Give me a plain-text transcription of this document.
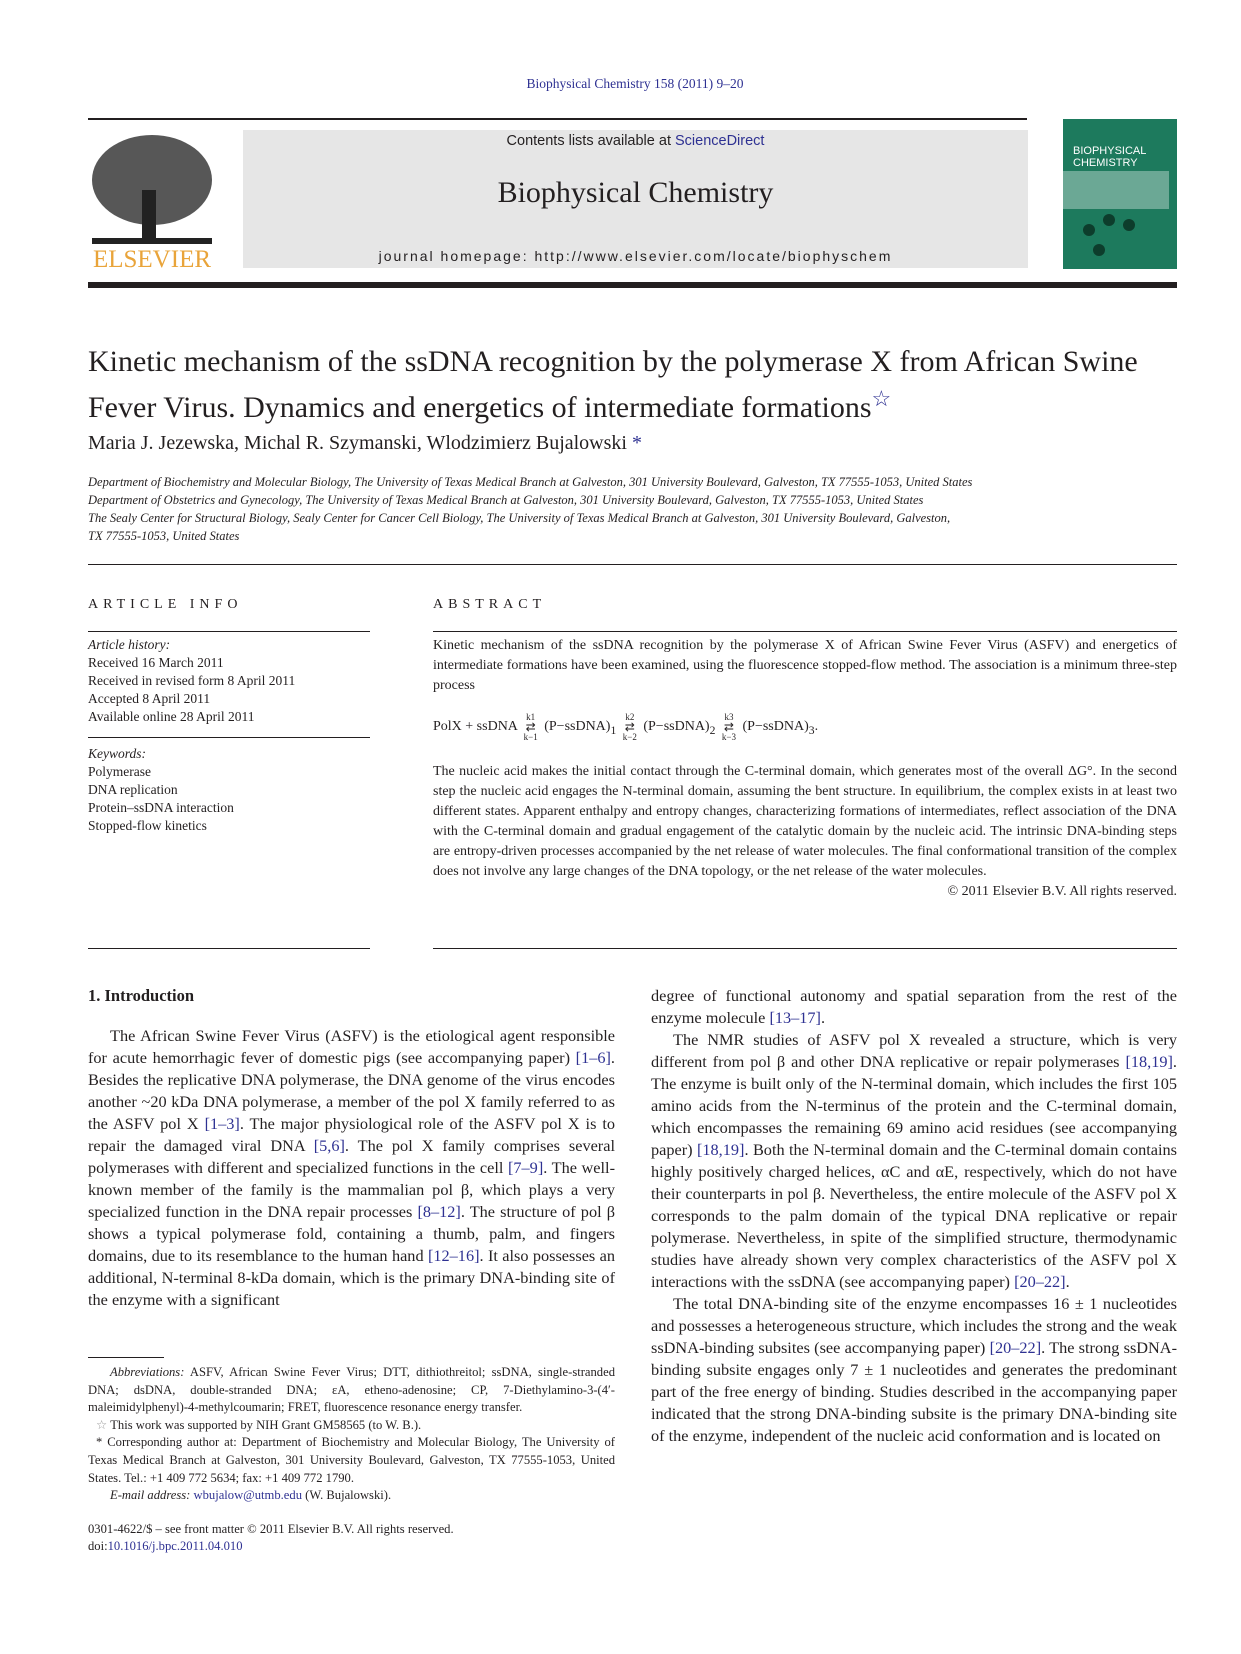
Biophysical Chemistry 158 (2011) 9–20
ELSEVIER
Contents lists available at ScienceDirect
Biophysical Chemistry
journal homepage: http://www.elsevier.com/locate/biophyschem
BIOPHYSICAL CHEMISTRY
Kinetic mechanism of the ssDNA recognition by the polymerase X from African Swine Fever Virus. Dynamics and energetics of intermediate formations☆
Maria J. Jezewska, Michal R. Szymanski, Wlodzimierz Bujalowski *
Department of Biochemistry and Molecular Biology, The University of Texas Medical Branch at Galveston, 301 University Boulevard, Galveston, TX 77555-1053, United States
Department of Obstetrics and Gynecology, The University of Texas Medical Branch at Galveston, 301 University Boulevard, Galveston, TX 77555-1053, United States
The Sealy Center for Structural Biology, Sealy Center for Cancer Cell Biology, The University of Texas Medical Branch at Galveston, 301 University Boulevard, Galveston,
TX 77555-1053, United States
ARTICLE INFO
Article history:
Received 16 March 2011
Received in revised form 8 April 2011
Accepted 8 April 2011
Available online 28 April 2011
Keywords:
Polymerase
DNA replication
Protein–ssDNA interaction
Stopped-flow kinetics
ABSTRACT
Kinetic mechanism of the ssDNA recognition by the polymerase X of African Swine Fever Virus (ASFV) and energetics of intermediate formations have been examined, using the fluorescence stopped-flow method. The association is a minimum three-step process
PolX + ssDNA
k1
⇄
k−1
$(P-ssDNA)_1$
k2
⇄
k−2
$(P-ssDNA)_2$
k3
⇄
k−3
$(P-ssDNA)_3$.
The nucleic acid makes the initial contact through the C-terminal domain, which generates most of the overall ΔG°. In the second step the nucleic acid engages the N-terminal domain, assuming the bent structure. In equilibrium, the complex exists in at least two different states. Apparent enthalpy and entropy changes, characterizing formations of intermediates, reflect association of the DNA with the C-terminal domain and gradual engagement of the catalytic domain by the nucleic acid. The intrinsic DNA-binding steps are entropy-driven processes accompanied by the net release of water molecules. The final conformational transition of the complex does not involve any large changes of the DNA topology, or the net release of the water molecules.
© 2011 Elsevier B.V. All rights reserved.
1. Introduction

The African Swine Fever Virus (ASFV) is the etiological agent responsible for acute hemorrhagic fever of domestic pigs (see accompanying paper) [1–6]. Besides the replicative DNA polymerase, the DNA genome of the virus encodes another ~20 kDa DNA polymerase, a member of the pol X family referred to as the ASFV pol X [1–3]. The major physiological role of the ASFV pol X is to repair the damaged viral DNA [5,6]. The pol X family comprises several polymerases with different and specialized functions in the cell [7–9]. The well-known member of the family is the mammalian pol β, which plays a very specialized function in the DNA repair processes [8–12]. The structure of pol β shows a typical polymerase fold, containing a thumb, palm, and fingers domains, due to its resemblance to the human hand [12–16]. It also possesses an additional, N-terminal 8-kDa domain, which is the primary DNA-binding site of the enzyme with a significant

degree of functional autonomy and spatial separation from the rest of the enzyme molecule [13–17].

The NMR studies of ASFV pol X revealed a structure, which is very different from pol β and other DNA replicative or repair polymerases [18,19]. The enzyme is built only of the N-terminal domain, which includes the first 105 amino acids from the N-terminus of the protein and the C-terminal domain, which encompasses the remaining 69 amino acid residues (see accompanying paper) [18,19]. Both the N-terminal domain and the C-terminal domain contains highly positively charged helices, αC and αE, respectively, which do not have their counterparts in pol β. Nevertheless, the entire molecule of the ASFV pol X corresponds to the palm domain of the typical DNA replicative or repair polymerase. Nevertheless, in spite of the simplified structure, thermodynamic studies have already shown very complex characteristics of the ASFV pol X interactions with the ssDNA (see accompanying paper) [20–22].

The total DNA-binding site of the enzyme encompasses 16 ± 1 nucleotides and possesses a heterogeneous structure, which includes the strong and the weak ssDNA-binding subsites (see accompanying paper) [20–22]. The strong ssDNA-binding subsite engages only 7 ± 1 nucleotides and generates the predominant part of the free energy of binding. Studies described in the accompanying paper indicated that the strong DNA-binding subsite is the primary DNA-binding site of the enzyme, independent of the nucleic acid conformation and is located on

Abbreviations: ASFV, African Swine Fever Virus; DTT, dithiothreitol; ssDNA, single-stranded DNA; dsDNA, double-stranded DNA; εA, etheno-adenosine; CP, 7-Diethylamino-3-(4′-maleimidylphenyl)-4-methylcoumarin; FRET, fluorescence resonance energy transfer.
☆ This work was supported by NIH Grant GM58565 (to W. B.).
* Corresponding author at: Department of Biochemistry and Molecular Biology, The University of Texas Medical Branch at Galveston, 301 University Boulevard, Galveston, TX 77555-1053, United States. Tel.: +1 409 772 5634; fax: +1 409 772 1790.
E-mail address: wbujalow@utmb.edu (W. Bujalowski).
0301-4622/$ – see front matter © 2011 Elsevier B.V. All rights reserved.
doi:10.1016/j.bpc.2011.04.010
